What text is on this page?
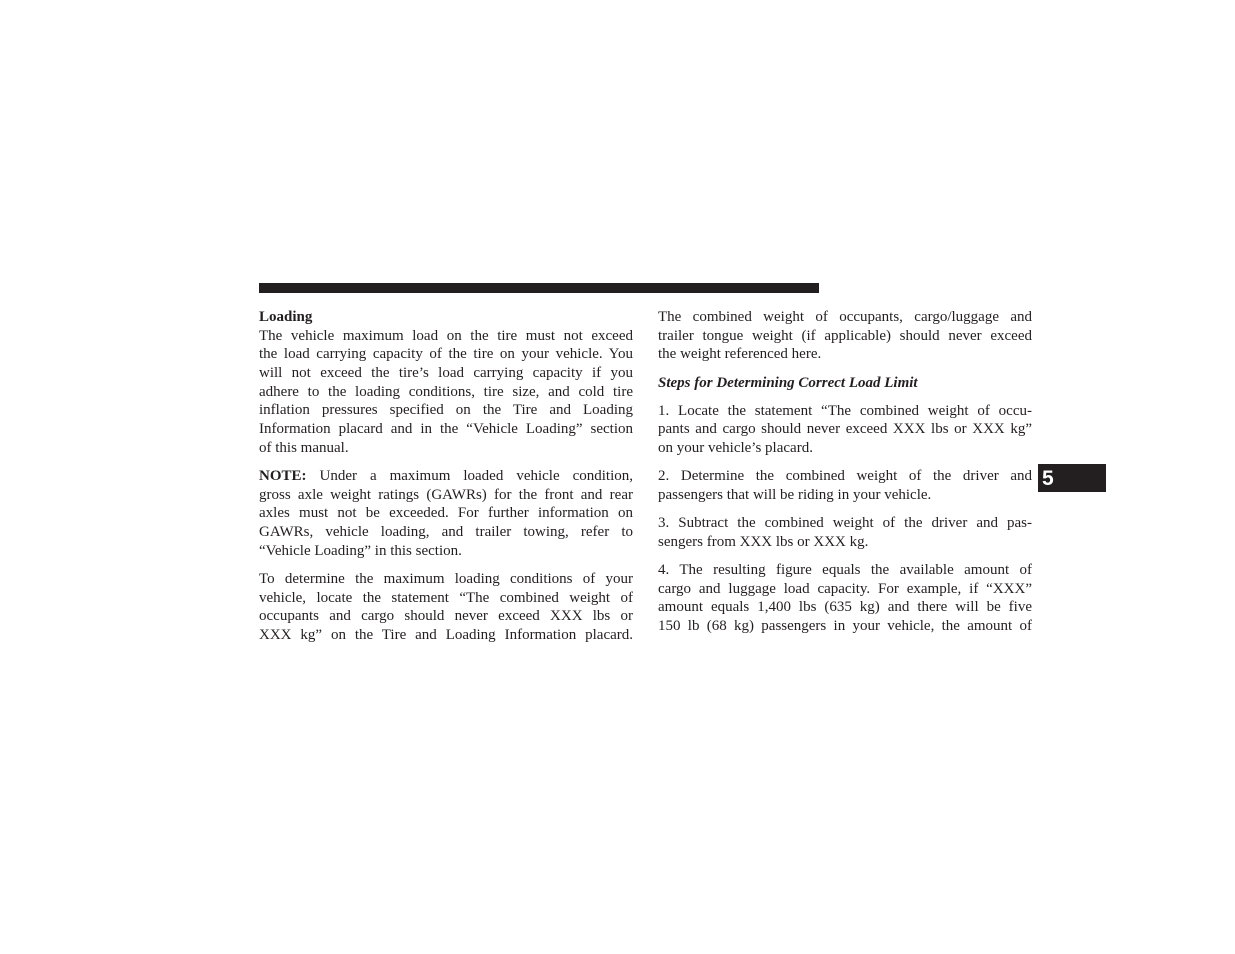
Loading
The vehicle maximum load on the tire must not exceed
the load carrying capacity of the tire on your vehicle. You
will not exceed the tire’s load carrying capacity if you
adhere to the loading conditions, tire size, and cold tire
inflation pressures specified on the Tire and Loading
Information placard and in the “Vehicle Loading” section
of this manual.
NOTE: Under a maximum loaded vehicle condition,
gross axle weight ratings (GAWRs) for the front and rear
axles must not be exceeded. For further information on
GAWRs, vehicle loading, and trailer towing, refer to
“Vehicle Loading” in this section.
To determine the maximum loading conditions of your
vehicle, locate the statement “The combined weight of
occupants and cargo should never exceed XXX lbs or
XXX kg” on the Tire and Loading Information placard.
The combined weight of occupants, cargo/luggage and
trailer tongue weight (if applicable) should never exceed
the weight referenced here.
Steps for Determining Correct Load Limit
1. Locate the statement “The combined weight of occu-
pants and cargo should never exceed XXX lbs or XXX kg”
on your vehicle’s placard.
2. Determine the combined weight of the driver and
passengers that will be riding in your vehicle.
3. Subtract the combined weight of the driver and pas-
sengers from XXX lbs or XXX kg.
4. The resulting figure equals the available amount of
cargo and luggage load capacity. For example, if “XXX”
amount equals 1,400 lbs (635 kg) and there will be five
150 lb (68 kg) passengers in your vehicle, the amount of
5
